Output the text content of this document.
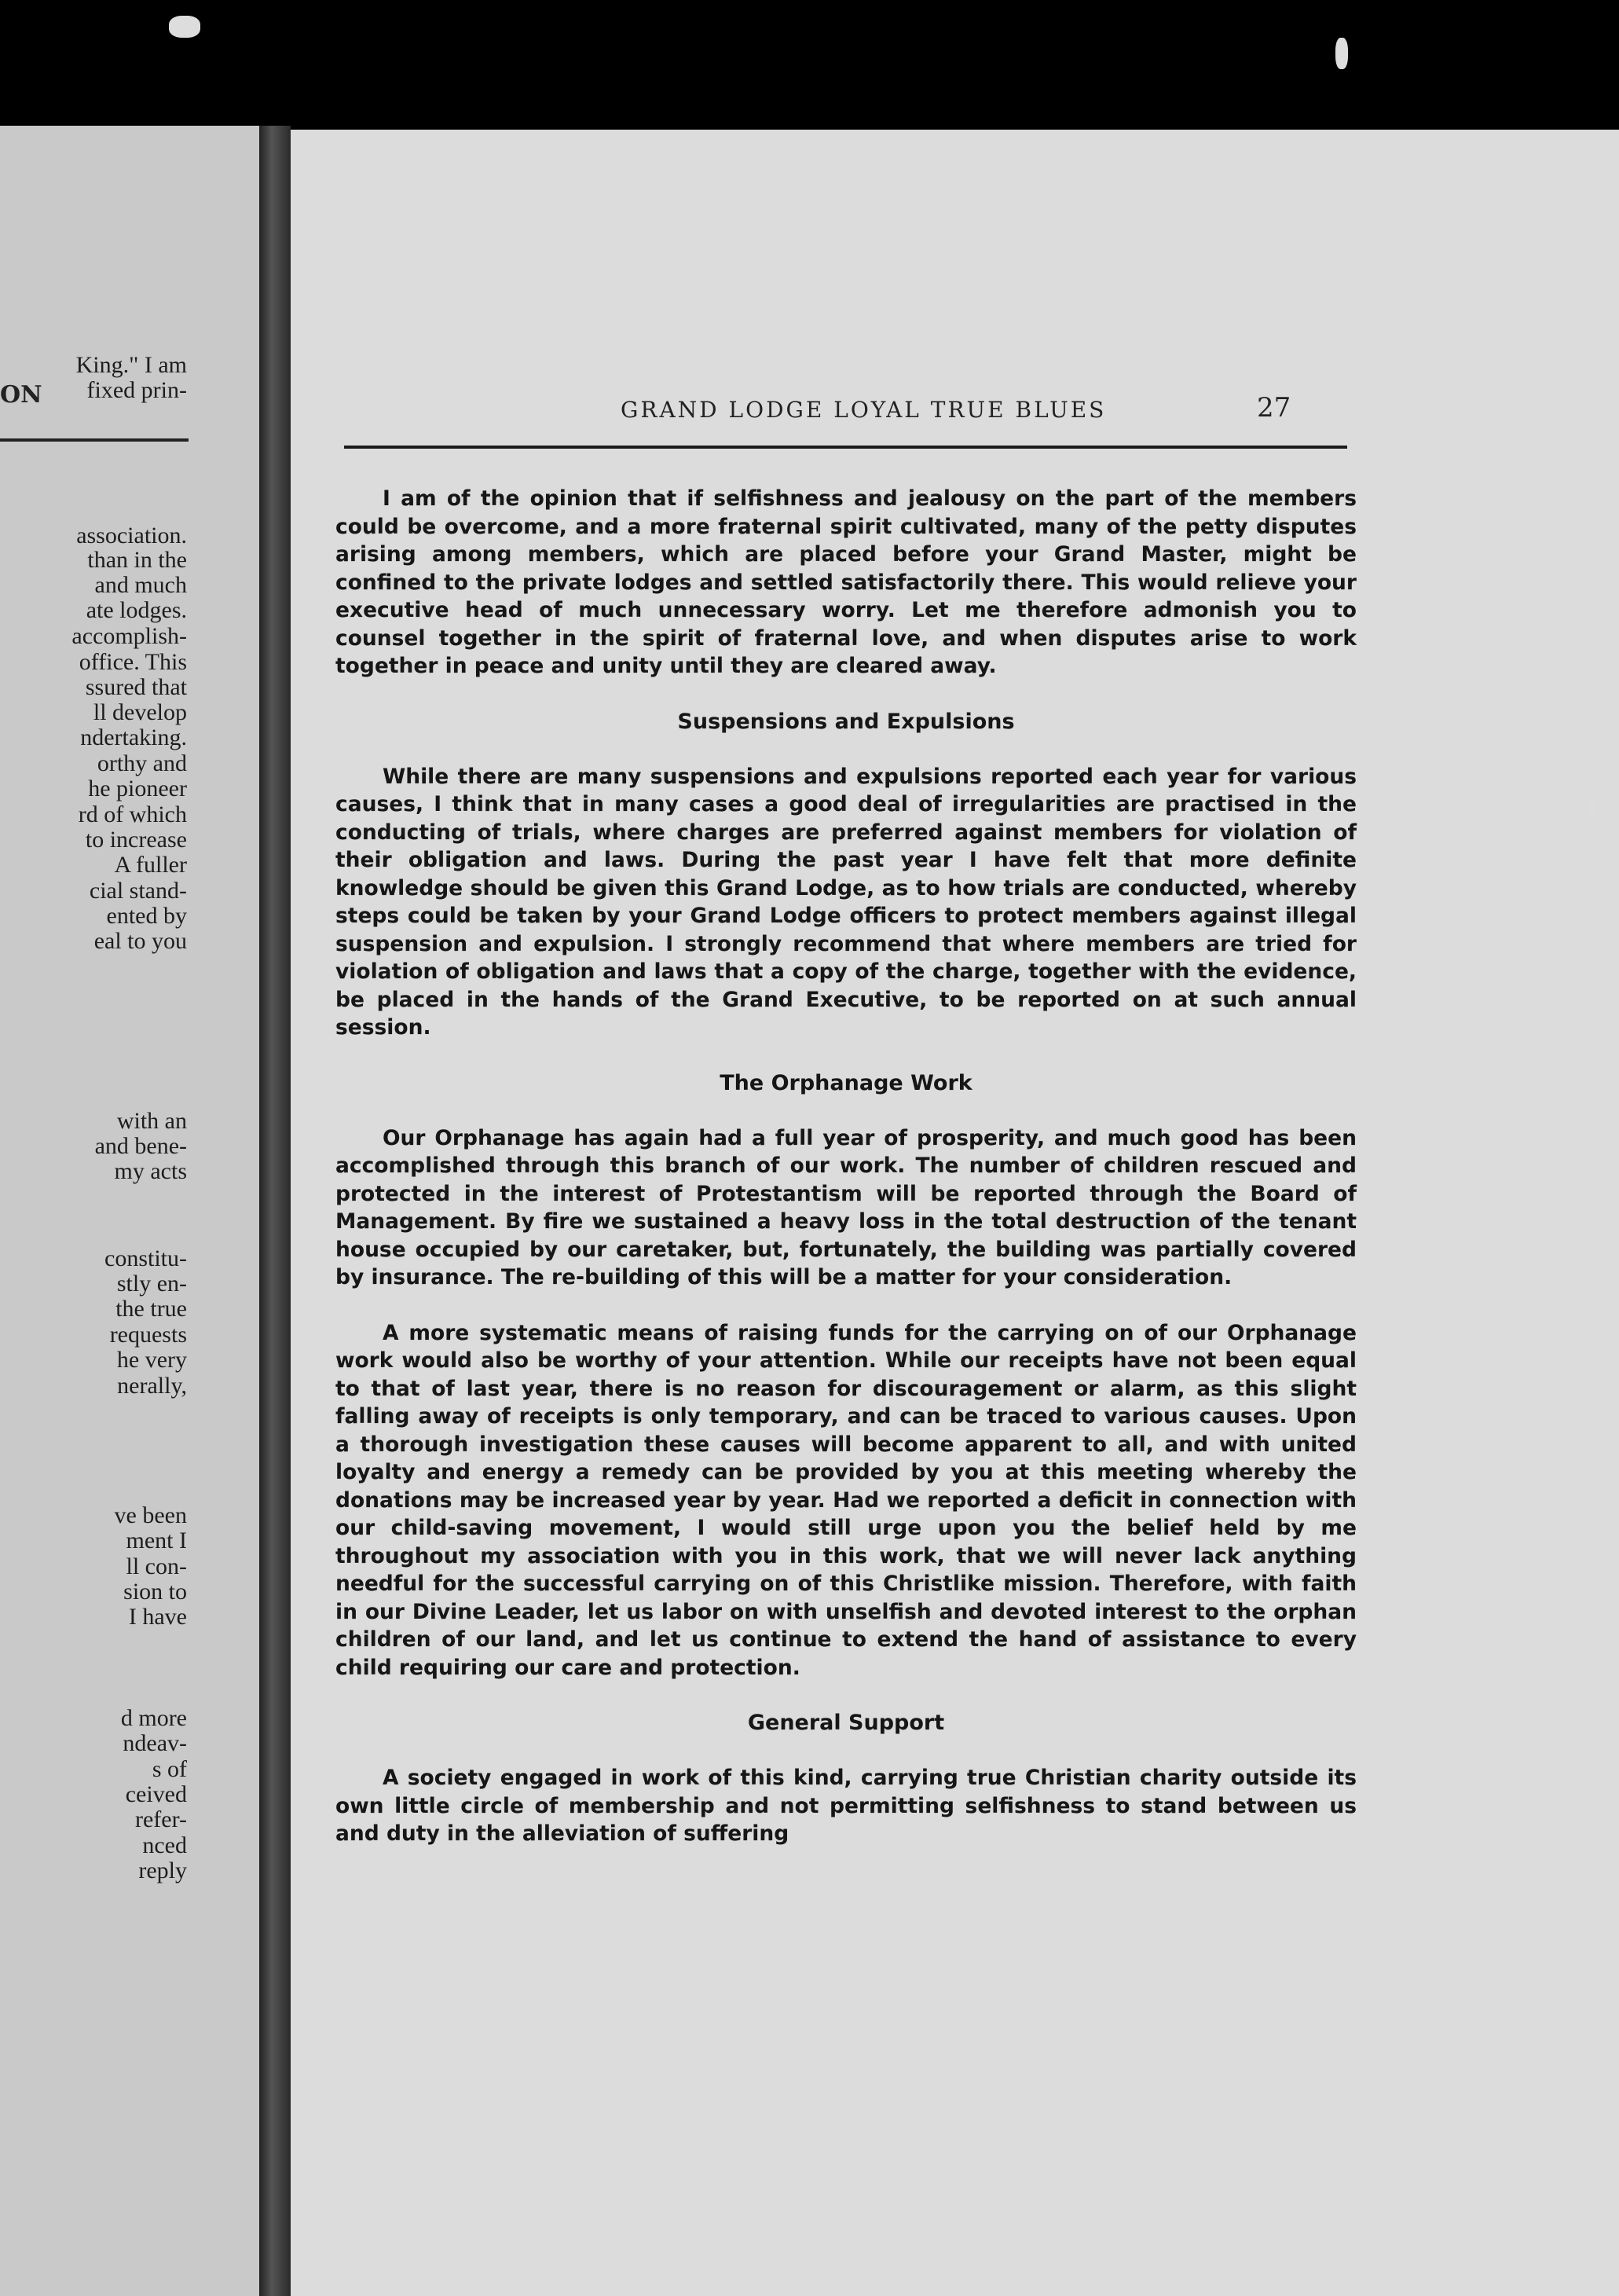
ON
King." I am
fixed prin-
association.
than in the
and much
ate lodges.
accomplish-
office. This
ssured that
ll develop
ndertaking.
orthy and
he pioneer
rd of which
to increase
A fuller
cial stand-
ented by
eal to you
with an
and bene-
my acts
constitu-
stly en-
the true
requests
he very
nerally,
ve been
ment I
ll con-
sion to
I have
d more
ndeav-
s of
ceived
refer-
nced
reply
GRAND LODGE LOYAL TRUE BLUES	27

I am of the opinion that if selfishness and jealousy on the part of the members could be overcome, and a more fraternal spirit cultivated, many of the petty disputes arising among members, which are placed before your Grand Master, might be confined to the private lodges and settled satisfactorily there. This would relieve your executive head of much unnecessary worry. Let me therefore admonish you to counsel together in the spirit of fraternal love, and when disputes arise to work together in peace and unity until they are cleared away.

Suspensions and Expulsions

While there are many suspensions and expulsions reported each year for various causes, I think that in many cases a good deal of irregularities are practised in the conducting of trials, where charges are preferred against members for violation of their obligation and laws. During the past year I have felt that more definite knowledge should be given this Grand Lodge, as to how trials are conducted, whereby steps could be taken by your Grand Lodge officers to protect members against illegal suspension and expulsion. I strongly recommend that where members are tried for violation of obligation and laws that a copy of the charge, together with the evidence, be placed in the hands of the Grand Executive, to be reported on at such annual session.

The Orphanage Work

Our Orphanage has again had a full year of prosperity, and much good has been accomplished through this branch of our work. The number of children rescued and protected in the interest of Protestantism will be reported through the Board of Management. By fire we sustained a heavy loss in the total destruction of the tenant house occupied by our caretaker, but, fortunately, the building was partially covered by insurance. The re-building of this will be a matter for your consideration.

A more systematic means of raising funds for the carrying on of our Orphanage work would also be worthy of your attention. While our receipts have not been equal to that of last year, there is no reason for discouragement or alarm, as this slight falling away of receipts is only temporary, and can be traced to various causes. Upon a thorough investigation these causes will become apparent to all, and with united loyalty and energy a remedy can be provided by you at this meeting whereby the donations may be increased year by year. Had we reported a deficit in connection with our child-saving movement, I would still urge upon you the belief held by me throughout my association with you in this work, that we will never lack anything needful for the successful carrying on of this Christlike mission. Therefore, with faith in our Divine Leader, let us labor on with unselfish and devoted interest to the orphan children of our land, and let us continue to extend the hand of assistance to every child requiring our care and protection.

General Support

A society engaged in work of this kind, carrying true Christian charity outside its own little circle of membership and not permitting selfishness to stand between us and duty in the alleviation of suffering
